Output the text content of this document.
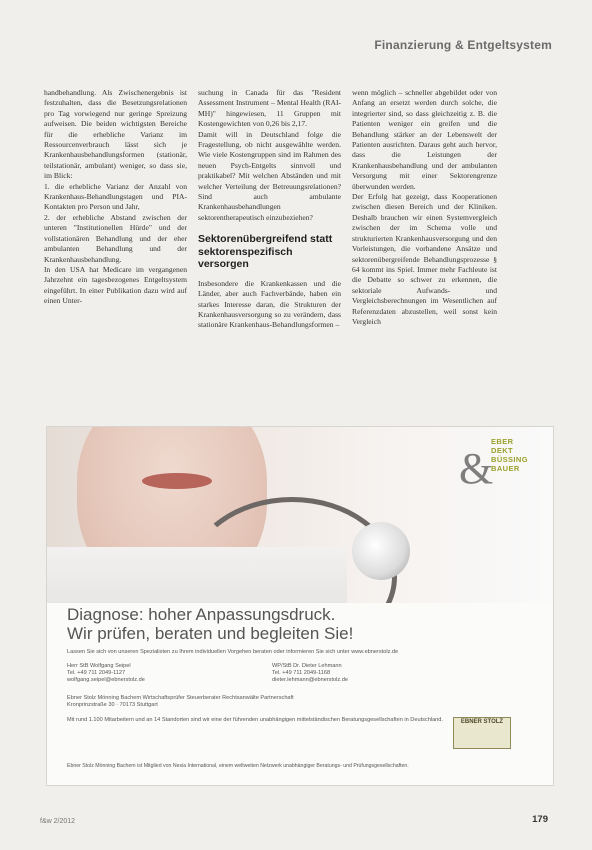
Finanzierung & Entgeltsystem

handbehandlung. Als Zwischenergebnis ist festzuhalten, dass die Besetzungsrelationen pro Tag vorwiegend nur geringe Spreizung aufweisen. Die beiden wichtigsten Bereiche für die erhebliche Varianz im Ressourcenverbrauch lässt sich je Krankenhausbehandlungsformen (stationär, teilstationär, ambulant) weniger, so dass sie, im Blick:

1. die erhebliche Varianz der Anzahl von Krankenhaus-Behandlungstagen und PIA-Kontakten pro Person und Jahr,

2. der erhebliche Abstand zwischen der unteren "Institutionellen Hürde" und der vollstationären Behandlung und der eher ambulanten Behandlung und der Krankenhausbehandlung.

In den USA hat Medicare im vergangenen Jahrzehnt ein tagesbezogenes Entgeltsystem eingeführt. In einer Publikation dazu wird auf einen Unter-

suchung in Canada für das "Resident Assessment Instrument – Mental Health (RAI-MH)" hingewiesen, 11 Gruppen mit Kostengewichten von 0,26 bis 2,17.

Damit will in Deutschland folge die Fragestellung, ob nicht ausgewählte werden. Wie viele Kostengruppen sind im Rahmen des neuen Psych-Entgelts sinnvoll und praktikabel? Mit welchen Abständen und mit welcher Verteilung der Betreuungsrelationen? Sind auch ambulante Krankenhausbehandlungen sektorentherapeutisch einzubeziehen?

Sektorenübergreifend statt sektorenspezifisch versorgen

Insbesondere die Krankenkassen und die Länder, aber auch Fachverbände, haben ein starkes Interesse daran, die Strukturen der Krankenhausversorgung so zu verändern, dass stationäre Krankenhaus-Behandlungsformen –

wenn möglich – schneller abgebildet oder von Anfang an ersetzt werden durch solche, die integrierter sind, so dass gleichzeitig z. B. die Patienten weniger ein greifen und die Behandlung stärker an der Lebenswelt der Patienten ausrichten. Daraus geht auch hervor, dass die Leistungen der Krankenhausbehandlung und der ambulanten Versorgung mit einer Sektorengrenze überwunden werden.

Der Erfolg hat gezeigt, dass Kooperationen zwischen diesen Bereich und der Kliniken. Deshalb brauchen wir einen Systemvergleich zwischen der im Schema volle und strukturierten Krankenhausversorgung und den Vorleistungen, die vorhandene Ansätze und sektorenübergreifende Behandlungsprozesse § 64 kommt ins Spiel. Immer mehr Fachleute ist die Debatte so schwer zu erkennen, die sektoriale Aufwands- und Vergleichsberechnungen im Wesentlichen auf Referenzdaten abzustellen, weil sonst kein Vergleich

&
EBER
DEKT
BÜSSING
BAUER
Diagnose: hoher Anpassungsdruck.
Wir prüfen, beraten und begleiten Sie!
Lassen Sie sich von unseren Spezialisten zu Ihrem individuellen Vorgehen beraten oder informieren Sie sich unter www.ebnerstolz.de
Herr StB Wolfgang Seipel
Tel. +49 711 2049-1127
wolfgang.seipel@ebnerstolz.de
WP/StB Dr. Dieter Lehmann
Tel. +49 711 2049-1168
dieter.lehmann@ebnerstolz.de
Ebner Stolz Mönning Bachem Wirtschaftsprüfer Steuerberater Rechtsanwälte Partnerschaft
Kronprinzstraße 30 · 70173 Stuttgart
Mit rund 1.100 Mitarbeitern und an 14 Standorten sind wir eine der führenden unabhängigen mittelständischen Beratungsgesellschaften in Deutschland.	EBNER STOLZ
Ebner Stolz Mönning Bachem ist Mitglied von Nexia International, einem weltweiten Netzwerk unabhängiger Beratungs- und Prüfungsgesellschaften.
f&w 2/2012	179
